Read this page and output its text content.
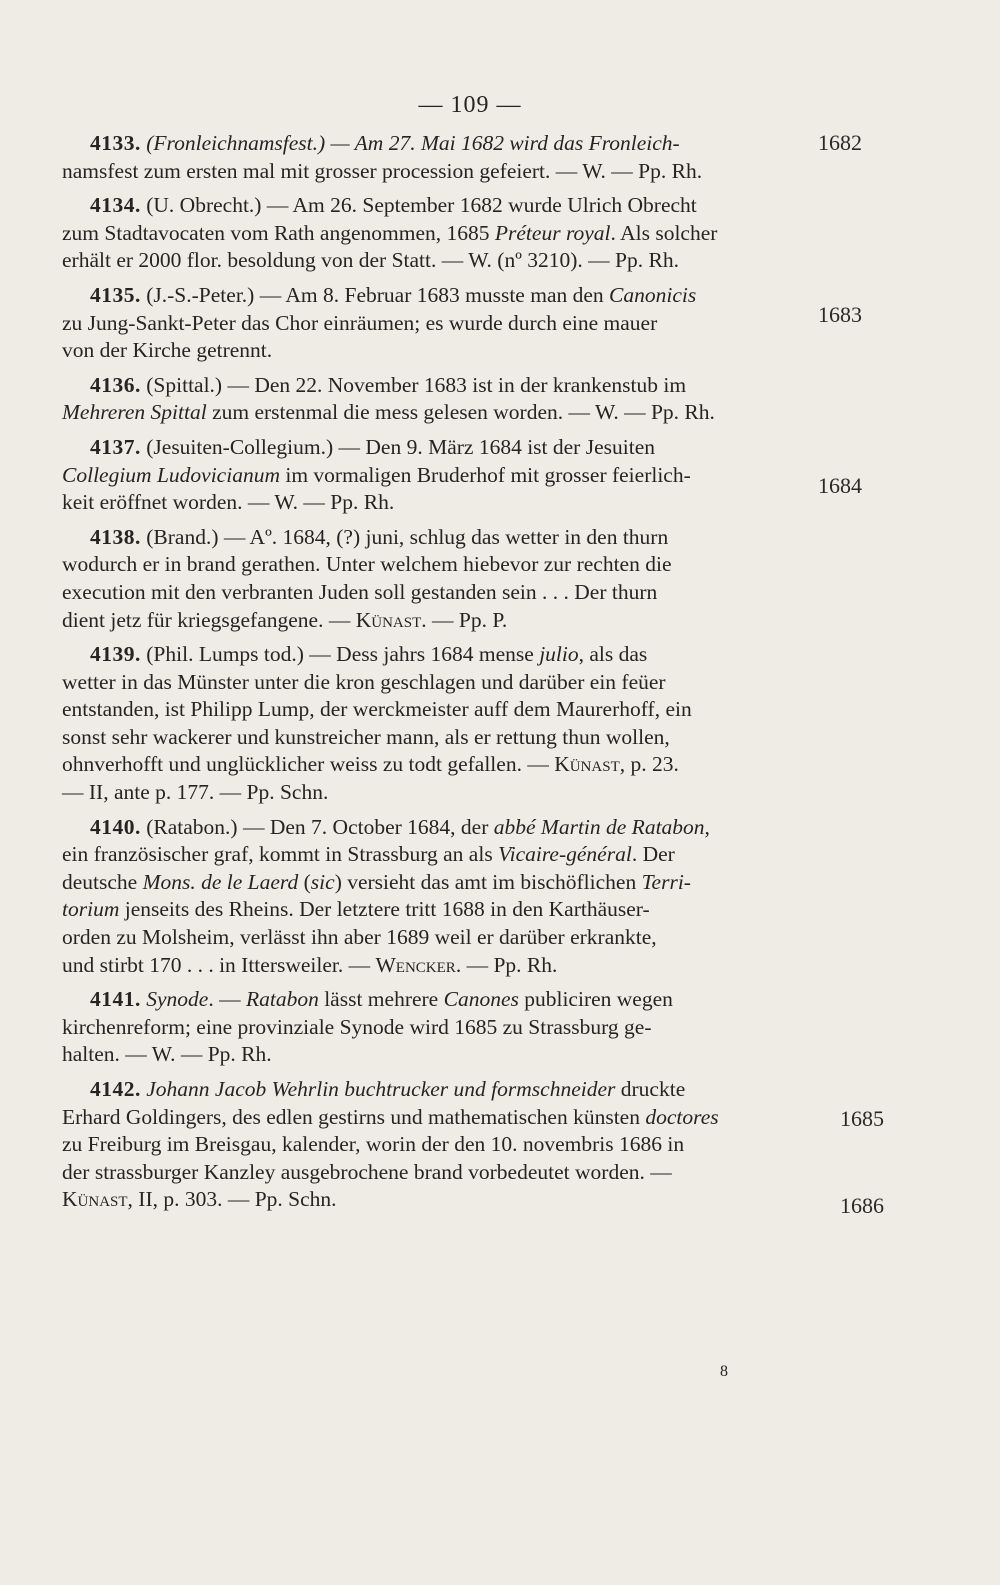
— 109 —
4133. (Fronleichnamsfest.) — Am 27. Mai 1682 wird das Fronleich-
namsfest zum ersten mal mit grosser procession gefeiert. — W. — Pp. Rh.
4134. (U. Obrecht.) — Am 26. September 1682 wurde Ulrich Obrecht
zum Stadtavocaten vom Rath angenommen, 1685 Préteur royal. Als solcher
erhält er 2000 flor. besoldung von der Statt. — W. (nº 3210). — Pp. Rh.
4135. (J.-S.-Peter.) — Am 8. Februar 1683 musste man den Canonicis
zu Jung-Sankt-Peter das Chor einräumen; es wurde durch eine mauer
von der Kirche getrennt.
4136. (Spittal.) — Den 22. November 1683 ist in der krankenstub im
Mehreren Spittal zum erstenmal die mess gelesen worden. — W. — Pp. Rh.
4137. (Jesuiten-Collegium.) — Den 9. März 1684 ist der Jesuiten
Collegium Ludovicianum im vormaligen Bruderhof mit grosser feierlich-
keit eröffnet worden. — W. — Pp. Rh.
4138. (Brand.) — Aº. 1684, (?) juni, schlug das wetter in den thurn
wodurch er in brand gerathen. Unter welchem hiebevor zur rechten die
execution mit den verbranten Juden soll gestanden sein . . . Der thurn
dient jetz für kriegsgefangene. — Künast. — Pp. P.
4139. (Phil. Lumps tod.) — Dess jahrs 1684 mense julio, als das
wetter in das Münster unter die kron geschlagen und darüber ein feüer
entstanden, ist Philipp Lump, der werckmeister auff dem Maurerhoff, ein
sonst sehr wackerer und kunstreicher mann, als er rettung thun wollen,
ohnverhofft und unglücklicher weiss zu todt gefallen. — Künast, p. 23.
— II, ante p. 177. — Pp. Schn.
4140. (Ratabon.) — Den 7. October 1684, der abbé Martin de Ratabon,
ein französischer graf, kommt in Strassburg an als Vicaire-général. Der
deutsche Mons. de le Laerd (sic) versieht das amt im bischöflichen Terri-
torium jenseits des Rheins. Der letztere tritt 1688 in den Karthäuser-
orden zu Molsheim, verlässt ihn aber 1689 weil er darüber erkrankte,
und stirbt 170 . . . in Ittersweiler. — Wencker. — Pp. Rh.
4141. Synode. — Ratabon lässt mehrere Canones publiciren wegen
kirchenreform; eine provinziale Synode wird 1685 zu Strassburg ge-
halten. — W. — Pp. Rh.
4142. Johann Jacob Wehrlin buchtrucker und formschneider druckte
Erhard Goldingers, des edlen gestirns und mathematischen künsten doctores
zu Freiburg im Breisgau, kalender, worin der den 10. novembris 1686 in
der strassburger Kanzley ausgebrochene brand vorbedeutet worden. —
Künast, II, p. 303. — Pp. Schn.
1682
1683
1684
1685
1686
8
